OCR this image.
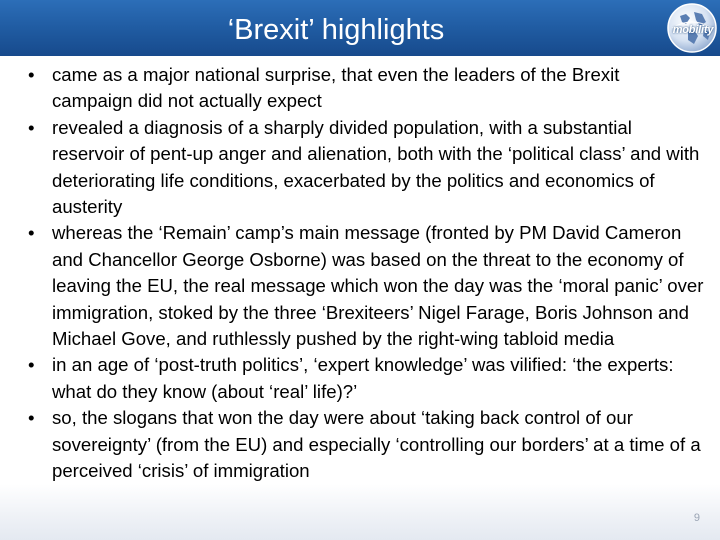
‘Brexit’ highlights	mobility
• came as a major national surprise, that even the leaders of the Brexit campaign did not actually expect
• revealed a diagnosis of a sharply divided population, with a substantial reservoir of pent-up anger and alienation, both with the ‘political class’ and with deteriorating life conditions, exacerbated by the politics and economics of austerity
• whereas the ‘Remain’ camp’s main message (fronted by PM David Cameron and Chancellor George Osborne) was based on the threat to the economy of leaving the EU, the real message which won the day was the ‘moral panic’ over immigration, stoked by the three ‘Brexiteers’ Nigel Farage, Boris Johnson and Michael Gove, and ruthlessly pushed by the right-wing tabloid media
• in an age of ‘post-truth politics’, ‘expert knowledge’ was vilified: ‘the experts: what do they know (about ‘real’ life)?’
• so, the slogans that won the day were about ‘taking back control of our sovereignty’ (from the EU) and especially ‘controlling our borders’ at a time of a perceived ‘crisis’ of immigration
9
